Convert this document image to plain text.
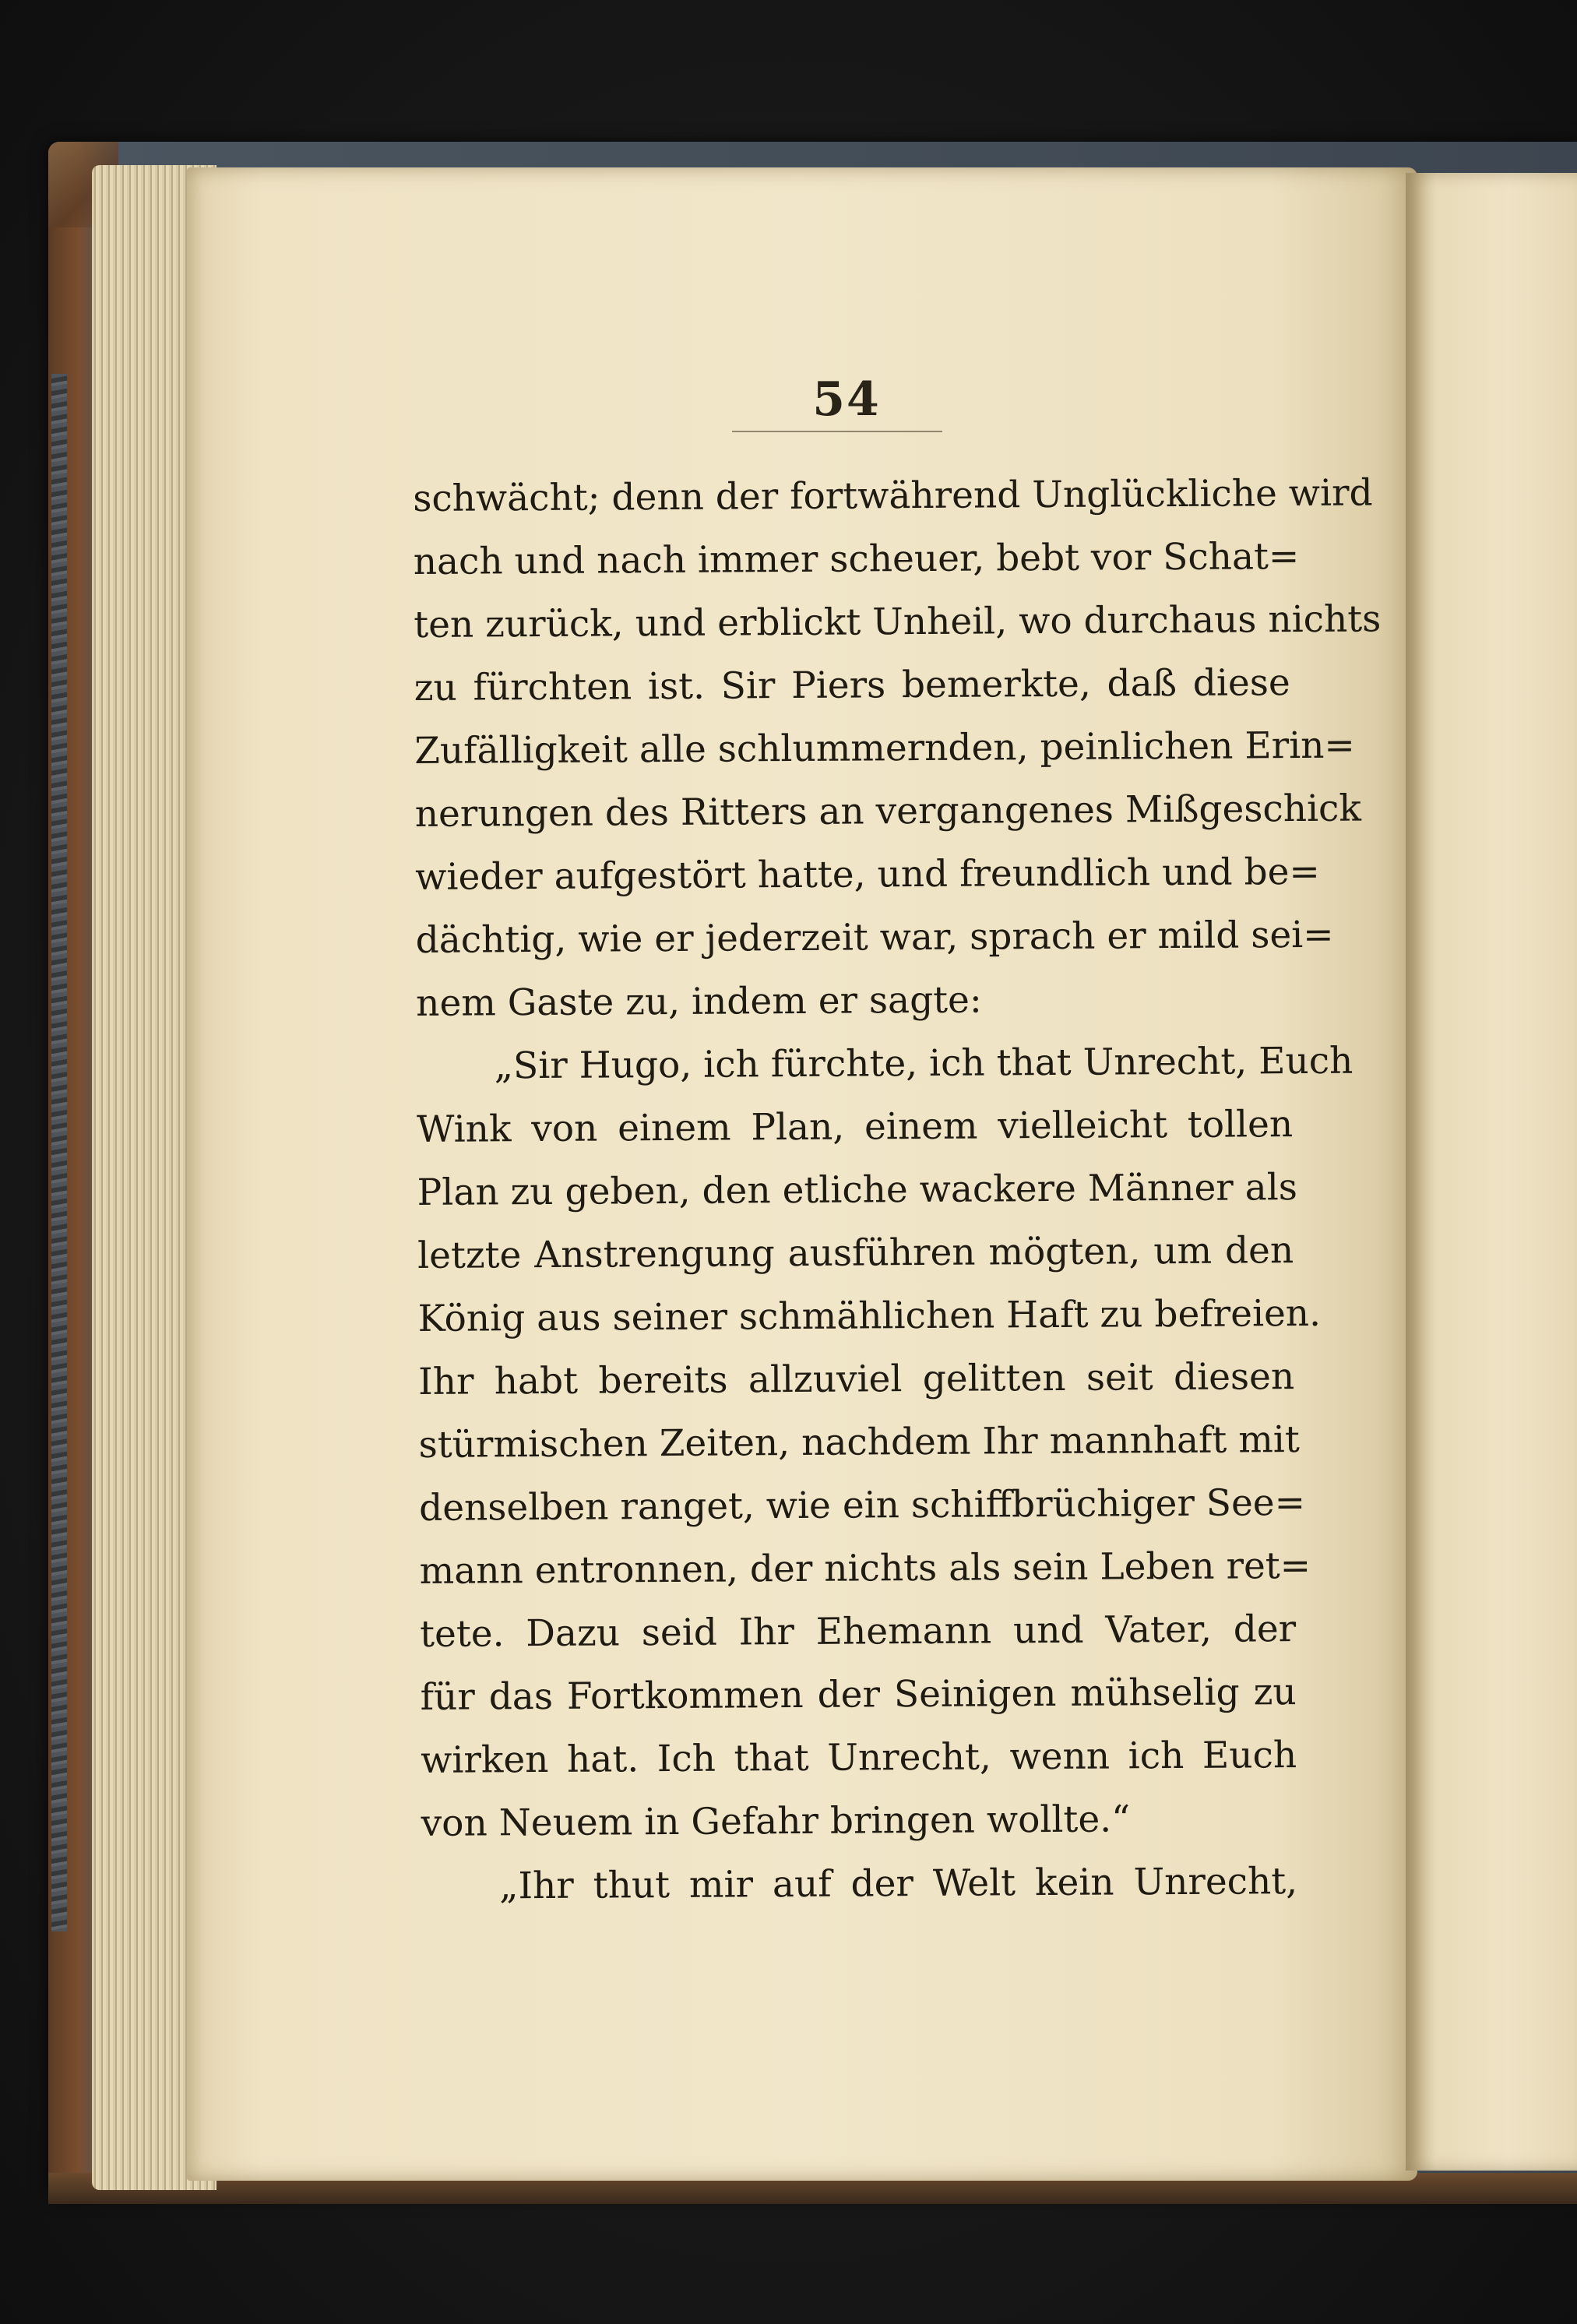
54
schwächt; denn der fortwährend Unglückliche wird
nach und nach immer scheuer, bebt vor Schat=
ten zurück, und erblickt Unheil, wo durchaus nichts
zu fürchten ist. Sir Piers bemerkte, daß diese
Zufälligkeit alle schlummernden, peinlichen Erin=
nerungen des Ritters an vergangenes Mißgeschick
wieder aufgestört hatte, und freundlich und be=
dächtig, wie er jederzeit war, sprach er mild sei=
nem Gaste zu, indem er sagte:
„Sir Hugo, ich fürchte, ich that Unrecht, Euch
Wink von einem Plan, einem vielleicht tollen
Plan zu geben, den etliche wackere Männer als
letzte Anstrengung ausführen mögten, um den
König aus seiner schmählichen Haft zu befreien.
Ihr habt bereits allzuviel gelitten seit diesen
stürmischen Zeiten, nachdem Ihr mannhaft mit
denselben ranget, wie ein schiffbrüchiger See=
mann entronnen, der nichts als sein Leben ret=
tete. Dazu seid Ihr Ehemann und Vater, der
für das Fortkommen der Seinigen mühselig zu
wirken hat. Ich that Unrecht, wenn ich Euch
von Neuem in Gefahr bringen wollte.“
„Ihr thut mir auf der Welt kein Unrecht,
